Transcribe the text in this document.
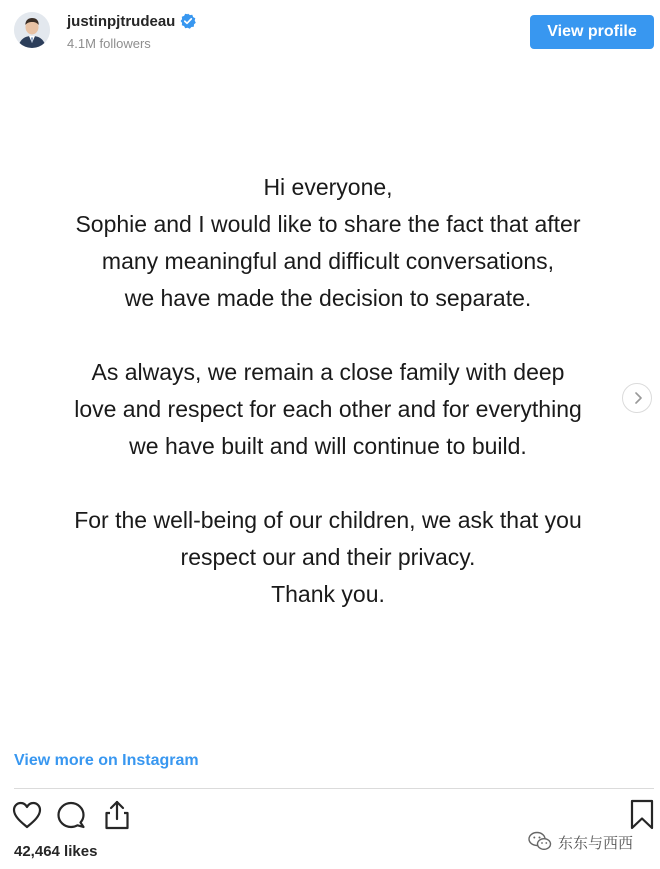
justinpjtrudeau
4.1M followers
View profile

Hi everyone,
Sophie and I would like to share the fact that after
many meaningful and difficult conversations,
we have made the decision to separate.

As always, we remain a close family with deep
love and respect for each other and for everything
we have built and will continue to build.

For the well-being of our children, we ask that you
respect our and their privacy.
Thank you.

View more on Instagram
42,464 likes	东东与西西
